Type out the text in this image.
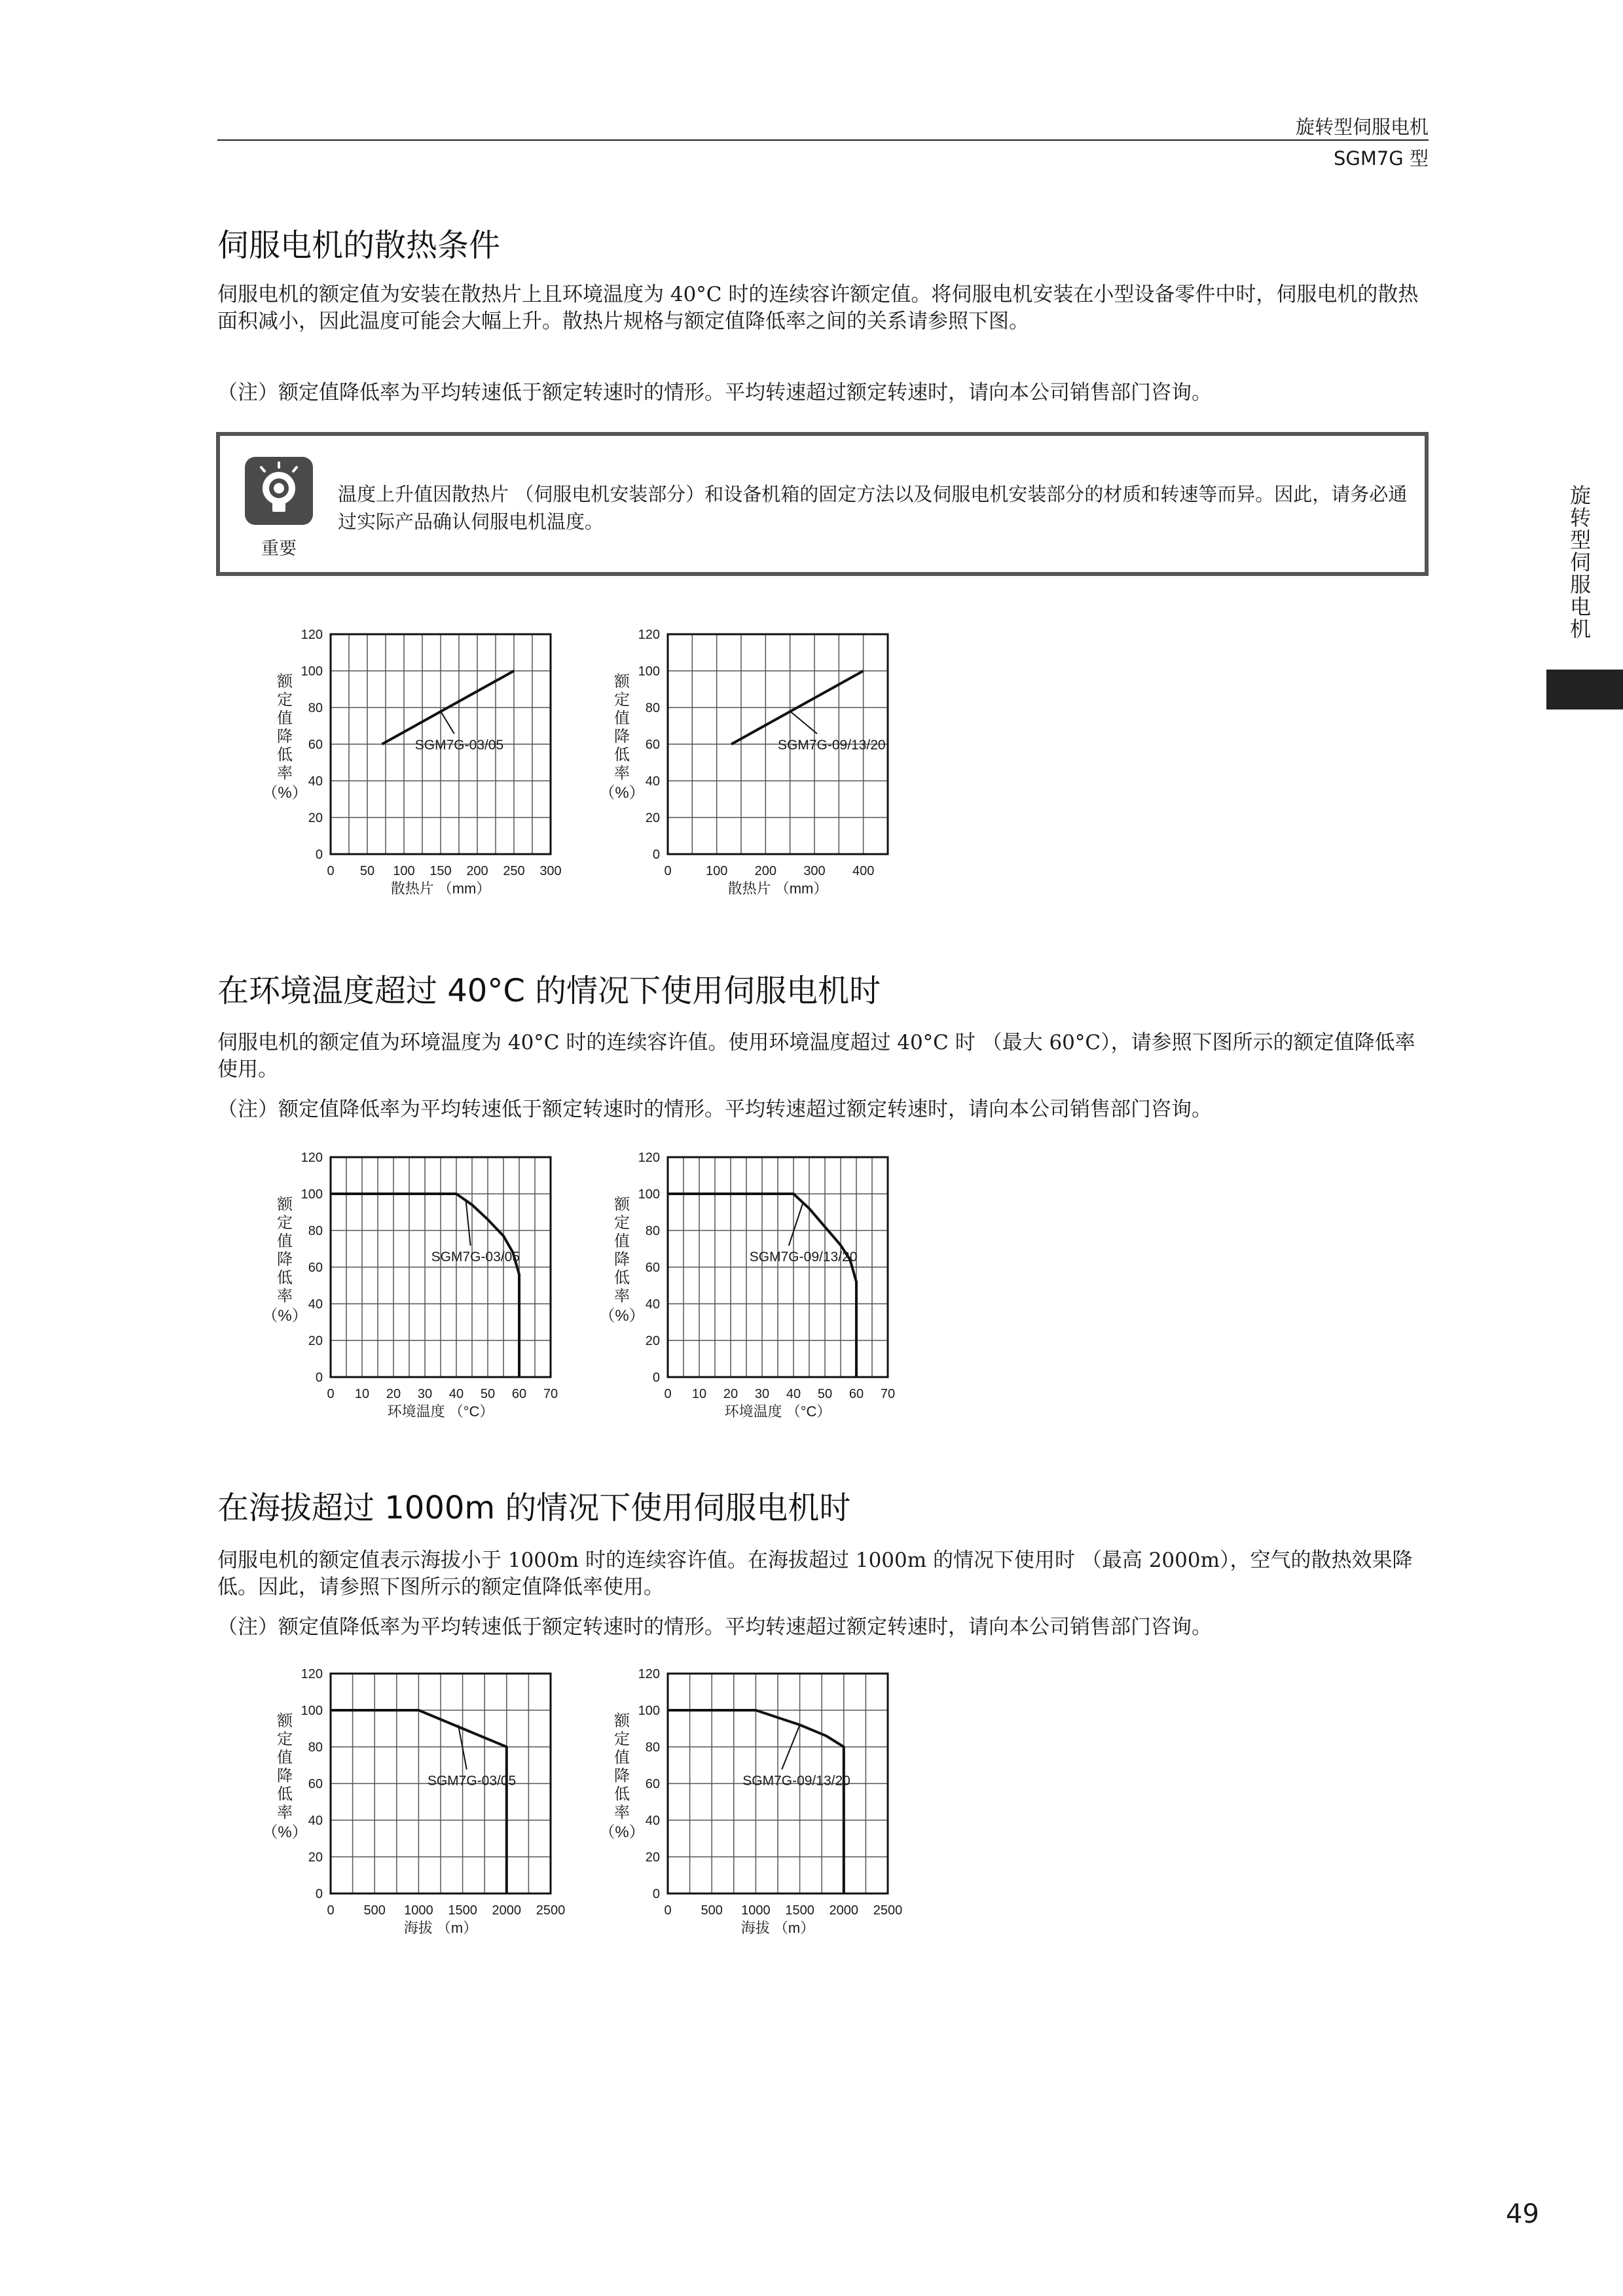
旋转型伺服电机
SGM7G 型
旋转型伺服电机
伺服电机的散热条件
伺服电机的额定值为安装在散热片上且环境温度为 40°C 时的连续容许额定值。将伺服电机安装在小型设备零件中时，伺服电机的散热面积减小，因此温度可能会大幅上升。散热片规格与额定值降低率之间的关系请参照下图。
（注）额定值降低率为平均转速低于额定转速时的情形。平均转速超过额定转速时，请向本公司销售部门咨询。
重要
温度上升值因散热片 （伺服电机安装部分）和设备机箱的固定方法以及伺服电机安装部分的材质和转速等而异。因此，请务必通过实际产品确认伺服电机温度。
在环境温度超过 40°C 的情况下使用伺服电机时
伺服电机的额定值为环境温度为 40°C 时的连续容许值。使用环境温度超过 40°C 时 （最大 60°C），请参照下图所示的额定值降低率使用。
（注）额定值降低率为平均转速低于额定转速时的情形。平均转速超过额定转速时，请向本公司销售部门咨询。
在海拔超过 1000m 的情况下使用伺服电机时
伺服电机的额定值表示海拔小于 1000m 时的连续容许值。在海拔超过 1000m 的情况下使用时 （最高 2000m），空气的散热效果降低。因此，请参照下图所示的额定值降低率使用。
（注）额定值降低率为平均转速低于额定转速时的情形。平均转速超过额定转速时，请向本公司销售部门咨询。
0
20
40
60
80
100
120
0 50 100 150 200 250 300
散热片 （mm）
额定值降低率（%）
SGM7G-03/05
0
20
40
60
80
100
120
0	100 200 300 400
散热片 （mm）
额定值降低率（%）
SGM7G-09/13/20
0
20
40
60
80
100
120
0 10 20 30 40 50 60 70
环境温度 （°C）
额定值降低率（%）
SGM7G-03/05
0
20
40
60
80
100
120
0 10 20 30 40 50 60 70
环境温度 （°C）
额定值降低率（%）
SGM7G-09/13/20
0
20
40
60
80
100
120
0 500 1000 1500 2000 2500
海拔 （m）
额定值降低率（%）
SGM7G-03/05
0
20
40
60
80
100
120
0 500 1000 1500 2000 2500
海拔 （m）
额定值降低率（%）
SGM7G-09/13/20
49
